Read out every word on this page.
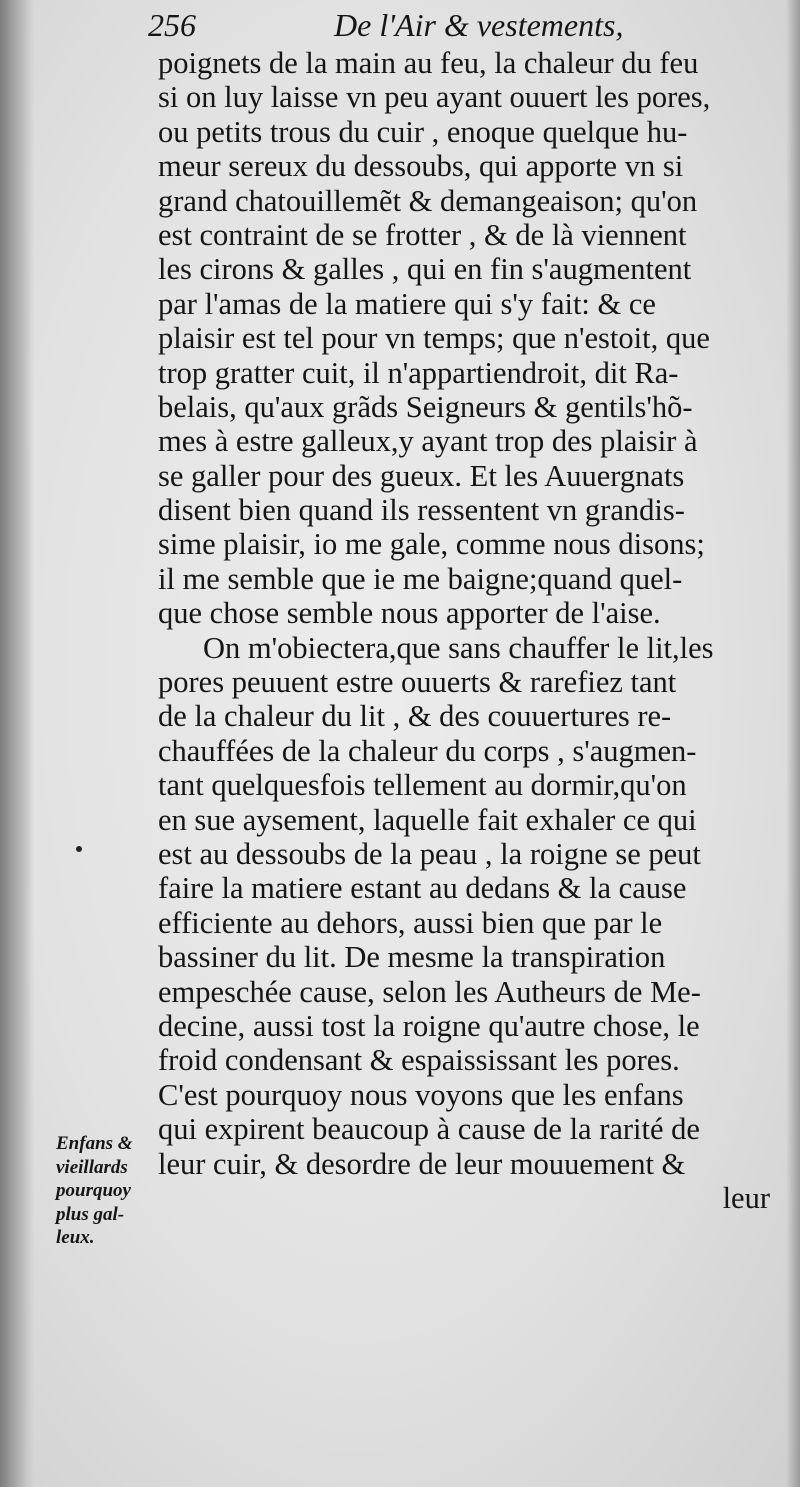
256	De l'Air & vestements,
poignets de la main au feu, la chaleur du feu
si on luy laisse vn peu ayant ouuert les pores,
ou petits trous du cuir , enoque quelque hu-
meur sereux du dessoubs, qui apporte vn si
grand chatouillemẽt & demangeaison; qu'on
est contraint de se frotter , & de là viennent
les cirons & galles , qui en fin s'augmentent
par l'amas de la matiere qui s'y fait: & ce
plaisir est tel pour vn temps; que n'estoit, que
trop gratter cuit, il n'appartiendroit, dit Ra-
belais, qu'aux grãds Seigneurs & gentils'hõ-
mes à estre galleux,y ayant trop des plaisir à
se galler pour des gueux. Et les Auuergnats
disent bien quand ils ressentent vn grandis-
sime plaisir, io me gale, comme nous disons;
il me semble que ie me baigne;quand quel-
que chose semble nous apporter de l'aise.
On m'obiectera,que sans chauffer le lit,les
pores peuuent estre ouuerts & rarefiez tant
de la chaleur du lit , & des couuertures re-
chauffées de la chaleur du corps , s'augmen-
tant quelquesfois tellement au dormir,qu'on
en sue aysement, laquelle fait exhaler ce qui
est au dessoubs de la peau , la roigne se peut
faire la matiere estant au dedans & la cause
efficiente au dehors, aussi bien que par le
bassiner du lit. De mesme la transpiration
empeschée cause, selon les Autheurs de Me-
decine, aussi tost la roigne qu'autre chose, le
froid condensant & espaississant les pores.
C'est pourquoy nous voyons que les enfans
qui expirent beaucoup à cause de la rarité de
leur cuir, & desordre de leur mouuement &
leur
Enfans &
vieillards
pourquoy
plus gal-
leux.
